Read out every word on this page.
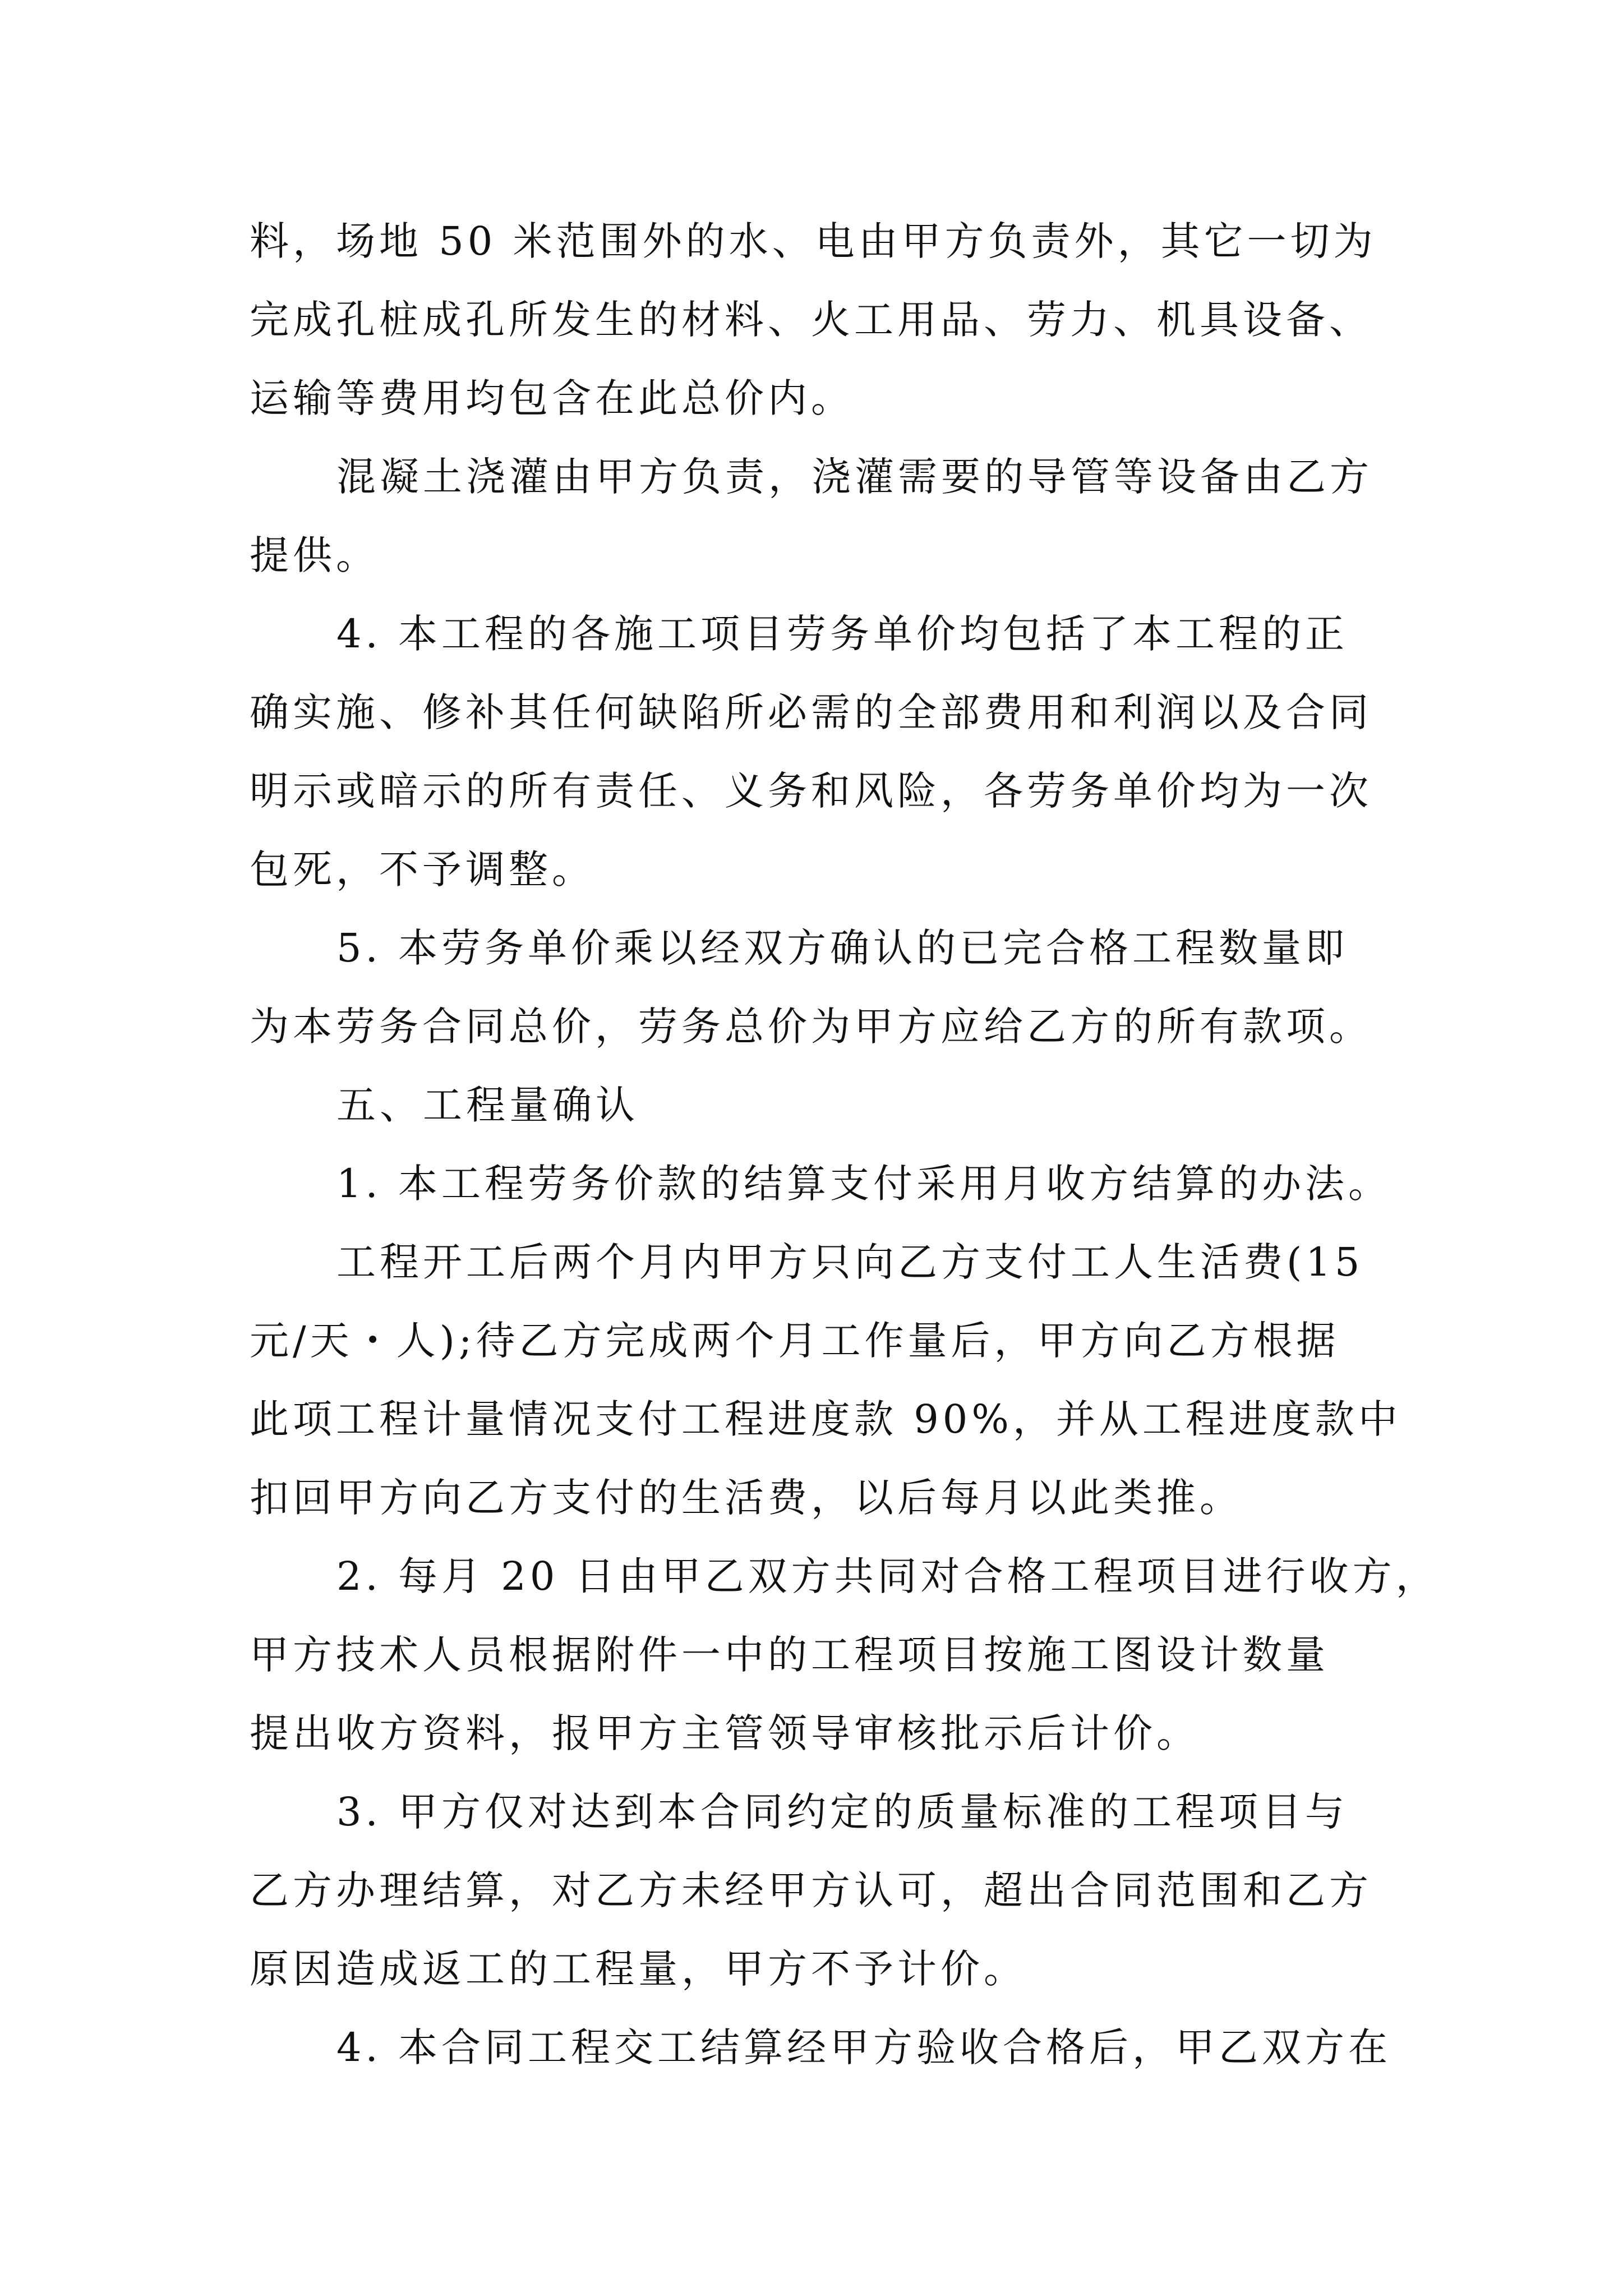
料，场地 50 米范围外的水、电由甲方负责外，其它一切为
完成孔桩成孔所发生的材料、火工用品、劳力、机具设备、
运输等费用均包含在此总价内。
混凝土浇灌由甲方负责，浇灌需要的导管等设备由乙方
提供。
4. 本工程的各施工项目劳务单价均包括了本工程的正
确实施、修补其任何缺陷所必需的全部费用和利润以及合同
明示或暗示的所有责任、义务和风险，各劳务单价均为一次
包死，不予调整。
5. 本劳务单价乘以经双方确认的已完合格工程数量即
为本劳务合同总价，劳务总价为甲方应给乙方的所有款项。
五、工程量确认
1. 本工程劳务价款的结算支付采用月收方结算的办法。
工程开工后两个月内甲方只向乙方支付工人生活费(15
元/天・人);待乙方完成两个月工作量后，甲方向乙方根据
此项工程计量情况支付工程进度款 90%，并从工程进度款中
扣回甲方向乙方支付的生活费，以后每月以此类推。
2. 每月 20 日由甲乙双方共同对合格工程项目进行收方，
甲方技术人员根据附件一中的工程项目按施工图设计数量
提出收方资料，报甲方主管领导审核批示后计价。
3. 甲方仅对达到本合同约定的质量标准的工程项目与
乙方办理结算，对乙方未经甲方认可，超出合同范围和乙方
原因造成返工的工程量，甲方不予计价。
4. 本合同工程交工结算经甲方验收合格后，甲乙双方在
